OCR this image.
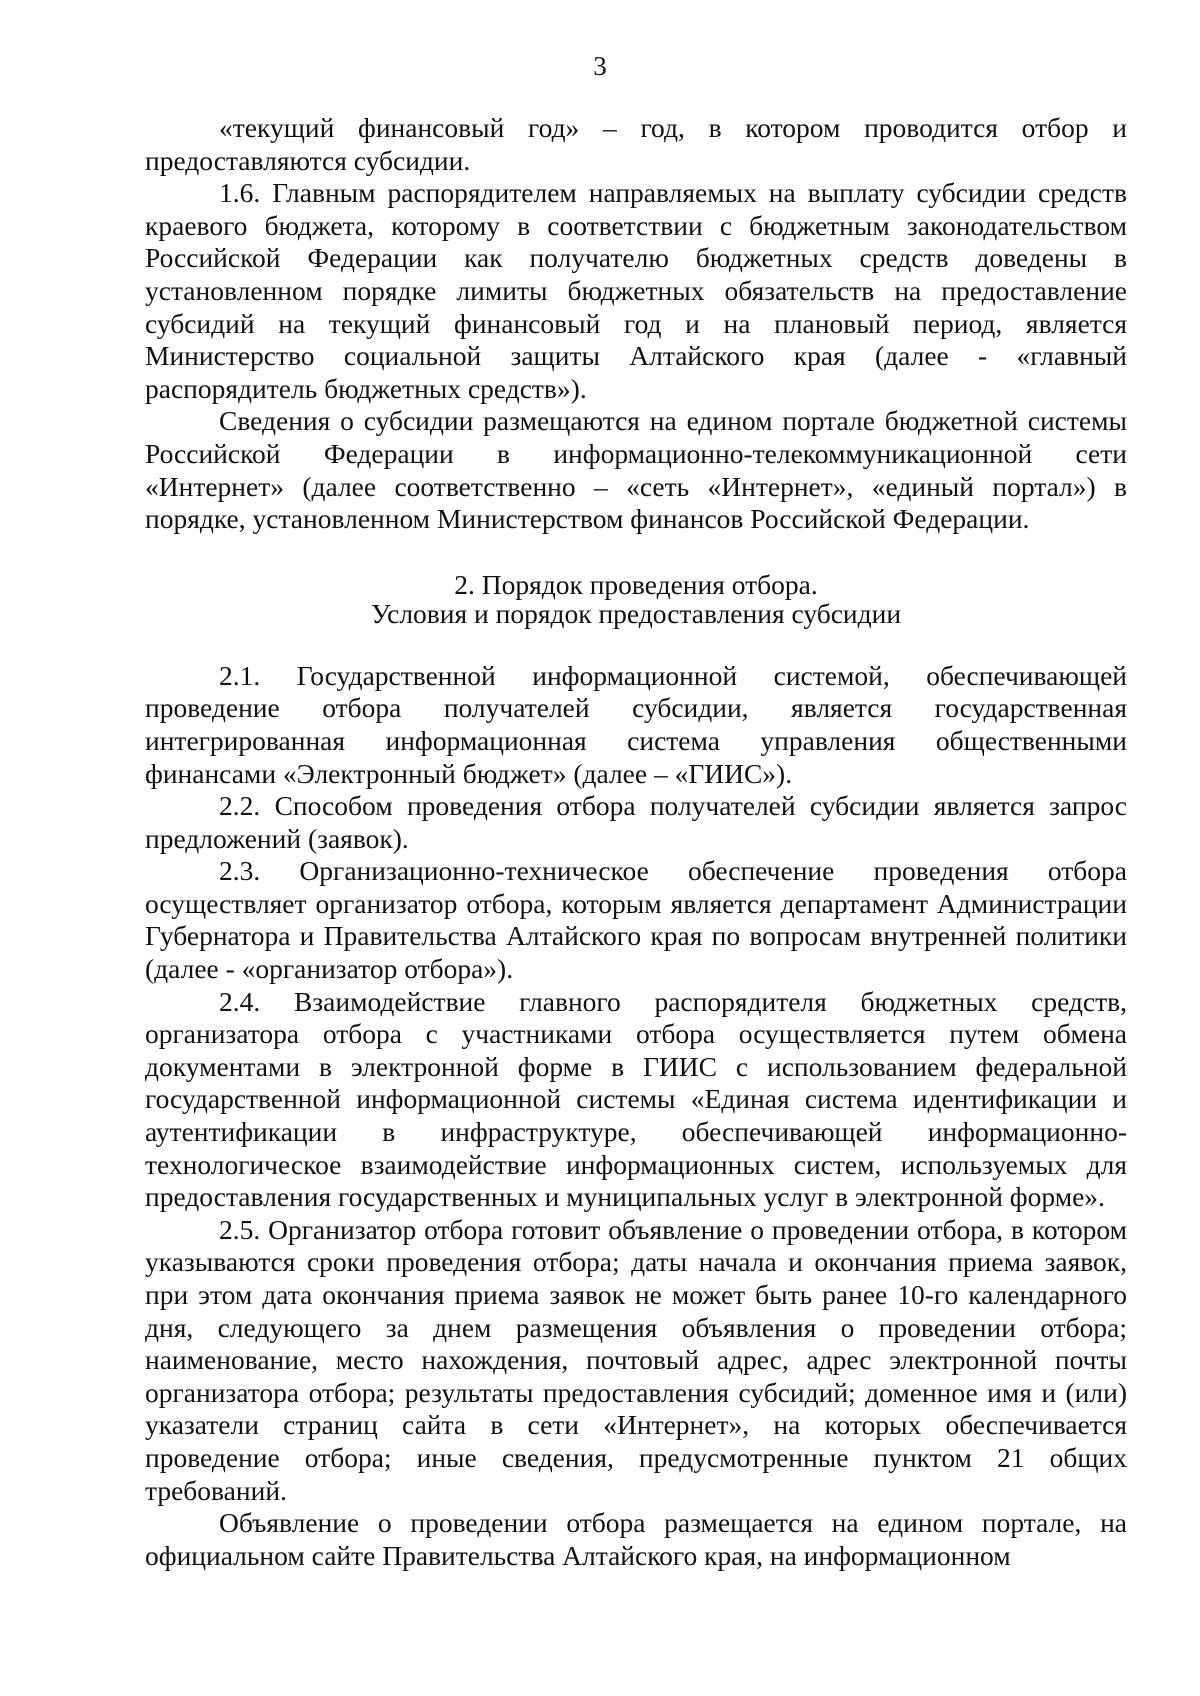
3

«текущий финансовый год» – год, в котором проводится отбор и предоставляются субсидии.

1.6. Главным распорядителем направляемых на выплату субсидии средств краевого бюджета, которому в соответствии с бюджетным законодательством Российской Федерации как получателю бюджетных средств доведены в установленном порядке лимиты бюджетных обязательств на предоставление субсидий на текущий финансовый год и на плановый период, является Министерство социальной защиты Алтайского края (далее - «главный распорядитель бюджетных средств»).

Сведения о субсидии размещаются на едином портале бюджетной системы Российской Федерации в информационно-телекоммуникационной сети «Интернет» (далее соответственно – «сеть «Интернет», «единый портал») в порядке, установленном Министерством финансов Российской Федерации.

2. Порядок проведения отбора.
Условия и порядок предоставления субсидии

2.1. Государственной информационной системой, обеспечивающей проведение отбора получателей субсидии, является государственная интегрированная информационная система управления общественными финансами «Электронный бюджет» (далее – «ГИИС»).

2.2. Способом проведения отбора получателей субсидии является запрос предложений (заявок).

2.3. Организационно-техническое обеспечение проведения отбора осуществляет организатор отбора, которым является департамент Администрации Губернатора и Правительства Алтайского края по вопросам внутренней политики (далее - «организатор отбора»).

2.4. Взаимодействие главного распорядителя бюджетных средств, организатора отбора с участниками отбора осуществляется путем обмена документами в электронной форме в ГИИС с использованием федеральной государственной информационной системы «Единая система идентификации и аутентификации в инфраструктуре, обеспечивающей информационно-технологическое взаимодействие информационных систем, используемых для предоставления государственных и муниципальных услуг в электронной форме».

2.5. Организатор отбора готовит объявление о проведении отбора, в котором указываются сроки проведения отбора; даты начала и окончания приема заявок, при этом дата окончания приема заявок не может быть ранее 10-го календарного дня, следующего за днем размещения объявления о проведении отбора; наименование, место нахождения, почтовый адрес, адрес электронной почты организатора отбора; результаты предоставления субсидий; доменное имя и (или) указатели страниц сайта в сети «Интернет», на которых обеспечивается проведение отбора; иные сведения, предусмотренные пунктом 21 общих требований.

Объявление о проведении отбора размещается на едином портале, на официальном сайте Правительства Алтайского края, на информационном
